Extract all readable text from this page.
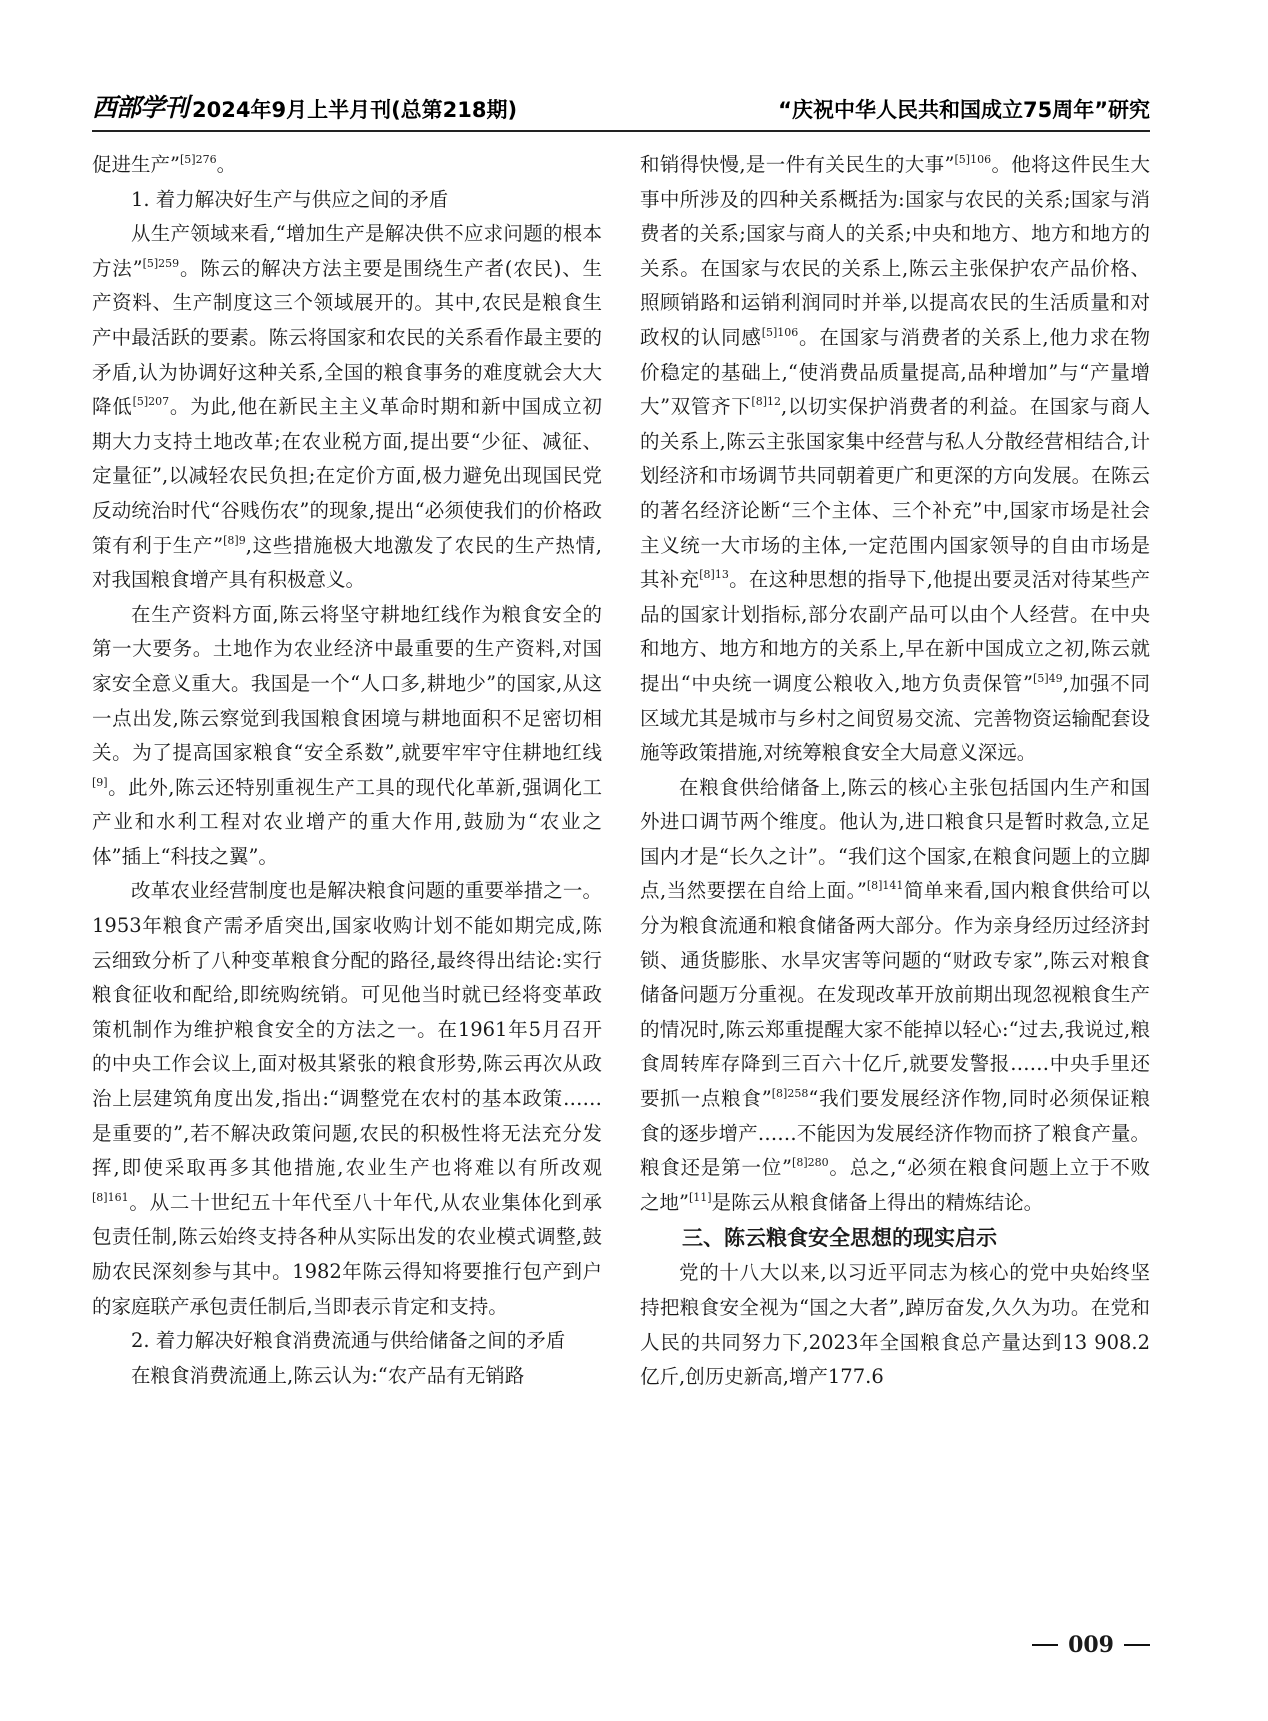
西部学刊 2024年9月上半月刊(总第218期)	“庆祝中华人民共和国成立75周年”研究

促进生产”$^{[5]276}$。

1. 着力解决好生产与供应之间的矛盾

从生产领域来看,“增加生产是解决供不应求问题的根本方法”$^{[5]259}$。陈云的解决方法主要是围绕生产者(农民)、生产资料、生产制度这三个领域展开的。其中,农民是粮食生产中最活跃的要素。陈云将国家和农民的关系看作最主要的矛盾,认为协调好这种关系,全国的粮食事务的难度就会大大降低$^{[5]207}$。为此,他在新民主主义革命时期和新中国成立初期大力支持土地改革;在农业税方面,提出要“少征、减征、定量征”,以减轻农民负担;在定价方面,极力避免出现国民党反动统治时代“谷贱伤农”的现象,提出“必须使我们的价格政策有利于生产”$^{[8]9}$,这些措施极大地激发了农民的生产热情,对我国粮食增产具有积极意义。

在生产资料方面,陈云将坚守耕地红线作为粮食安全的第一大要务。土地作为农业经济中最重要的生产资料,对国家安全意义重大。我国是一个“人口多,耕地少”的国家,从这一点出发,陈云察觉到我国粮食困境与耕地面积不足密切相关。为了提高国家粮食“安全系数”,就要牢牢守住耕地红线[9]。此外,陈云还特别重视生产工具的现代化革新,强调化工产业和水利工程对农业增产的重大作用,鼓励为“农业之体”插上“科技之翼”。

改革农业经营制度也是解决粮食问题的重要举措之一。1953年粮食产需矛盾突出,国家收购计划不能如期完成,陈云细致分析了八种变革粮食分配的路径,最终得出结论:实行粮食征收和配给,即统购统销。可见他当时就已经将变革政策机制作为维护粮食安全的方法之一。在1961年5月召开的中央工作会议上,面对极其紧张的粮食形势,陈云再次从政治上层建筑角度出发,指出:“调整党在农村的基本政策……是重要的”,若不解决政策问题,农民的积极性将无法充分发挥,即使采取再多其他措施,农业生产也将难以有所改观$^{[8]161}$。从二十世纪五十年代至八十年代,从农业集体化到承包责任制,陈云始终支持各种从实际出发的农业模式调整,鼓励农民深刻参与其中。1982年陈云得知将要推行包产到户的家庭联产承包责任制后,当即表示肯定和支持。

2. 着力解决好粮食消费流通与供给储备之间的矛盾

在粮食消费流通上,陈云认为:“农产品有无销路

和销得快慢,是一件有关民生的大事”$^{[5]106}$。他将这件民生大事中所涉及的四种关系概括为:国家与农民的关系;国家与消费者的关系;国家与商人的关系;中央和地方、地方和地方的关系。在国家与农民的关系上,陈云主张保护农产品价格、照顾销路和运销利润同时并举,以提高农民的生活质量和对政权的认同感$^{[5]106}$。在国家与消费者的关系上,他力求在物价稳定的基础上,“使消费品质量提高,品种增加”与“产量增大”双管齐下$^{[8]12}$,以切实保护消费者的利益。在国家与商人的关系上,陈云主张国家集中经营与私人分散经营相结合,计划经济和市场调节共同朝着更广和更深的方向发展。在陈云的著名经济论断“三个主体、三个补充”中,国家市场是社会主义统一大市场的主体,一定范围内国家领导的自由市场是其补充$^{[8]13}$。在这种思想的指导下,他提出要灵活对待某些产品的国家计划指标,部分农副产品可以由个人经营。在中央和地方、地方和地方的关系上,早在新中国成立之初,陈云就提出“中央统一调度公粮收入,地方负责保管”$^{[5]49}$,加强不同区域尤其是城市与乡村之间贸易交流、完善物资运输配套设施等政策措施,对统筹粮食安全大局意义深远。

在粮食供给储备上,陈云的核心主张包括国内生产和国外进口调节两个维度。他认为,进口粮食只是暂时救急,立足国内才是“长久之计”。“我们这个国家,在粮食问题上的立脚点,当然要摆在自给上面。”$^{[8]141}$简单来看,国内粮食供给可以分为粮食流通和粮食储备两大部分。作为亲身经历过经济封锁、通货膨胀、水旱灾害等问题的“财政专家”,陈云对粮食储备问题万分重视。在发现改革开放前期出现忽视粮食生产的情况时,陈云郑重提醒大家不能掉以轻心:“过去,我说过,粮食周转库存降到三百六十亿斤,就要发警报……中央手里还要抓一点粮食”$^{[8]258}$“我们要发展经济作物,同时必须保证粮食的逐步增产……不能因为发展经济作物而挤了粮食产量。粮食还是第一位”$^{[8]280}$。总之,“必须在粮食问题上立于不败之地”[11]是陈云从粮食储备上得出的精炼结论。

三、陈云粮食安全思想的现实启示

党的十八大以来,以习近平同志为核心的党中央始终坚持把粮食安全视为“国之大者”,踔厉奋发,久久为功。在党和人民的共同努力下,2023年全国粮食总产量达到13 908.2亿斤,创历史新高,增产177.6

009
